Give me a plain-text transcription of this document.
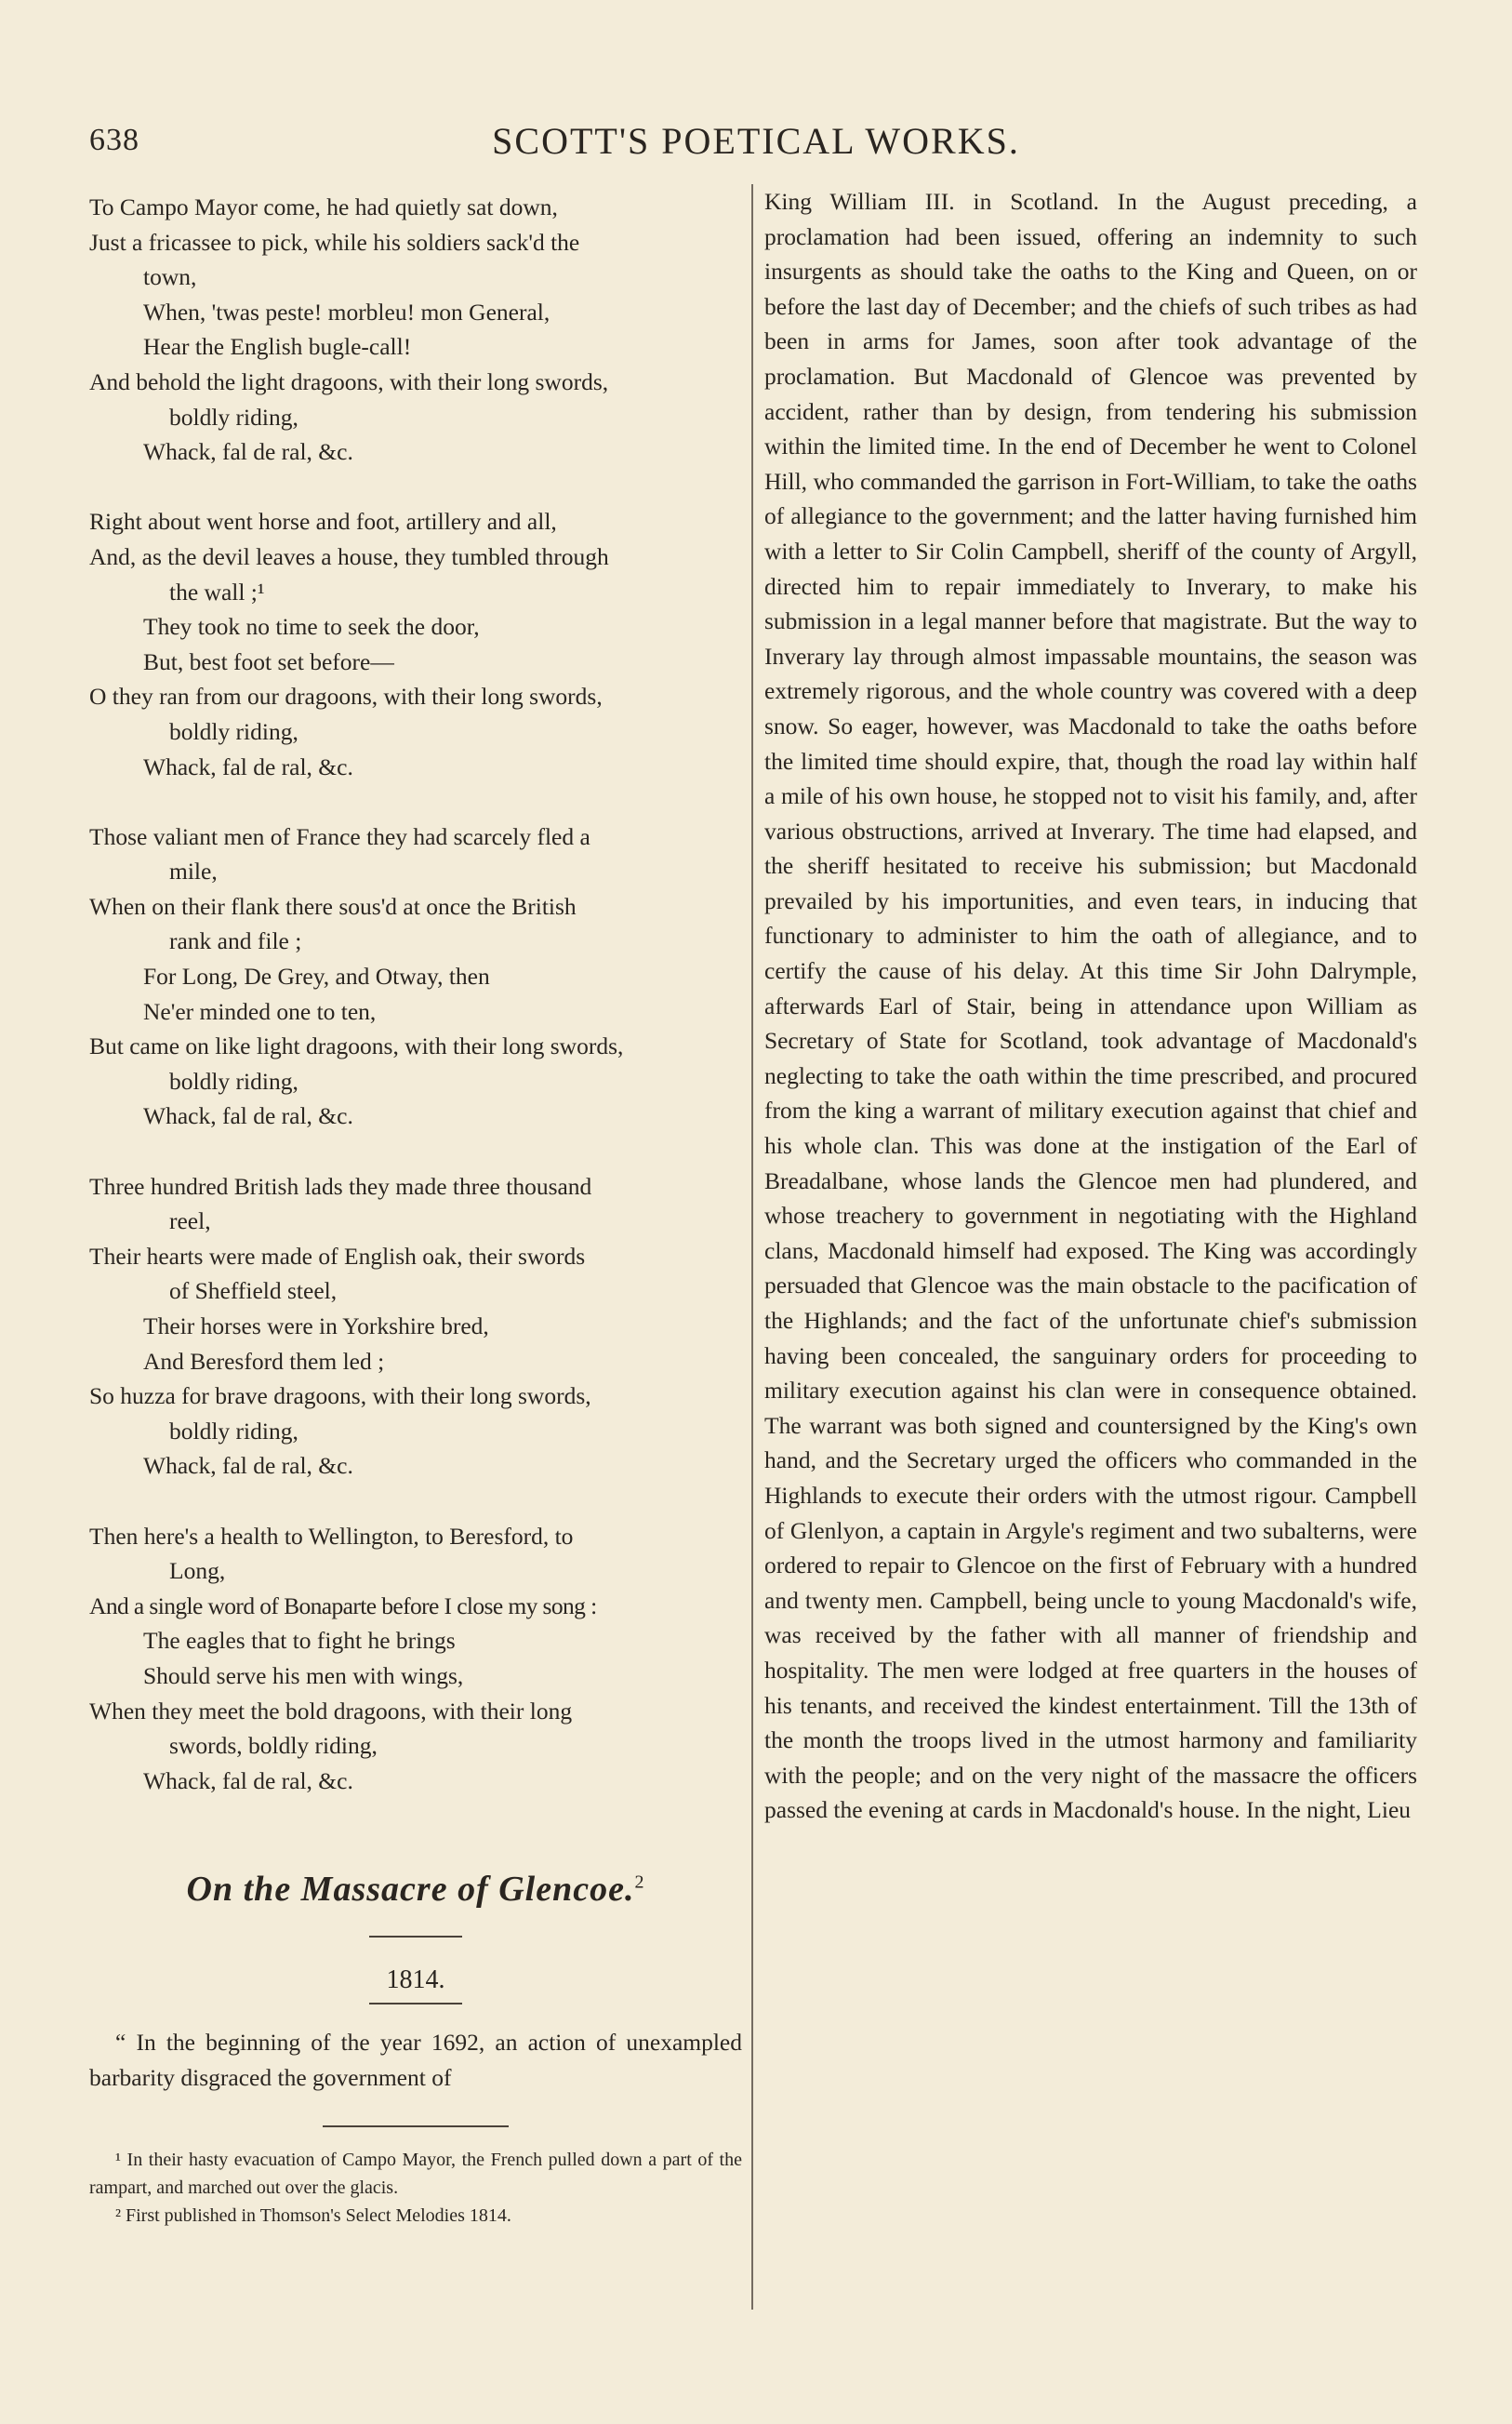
638	SCOTT'S POETICAL WORKS.
To Campo Mayor come, he had quietly sat down,
Just a fricassee to pick, while his soldiers sack'd the
town,
When, 'twas peste! morbleu! mon General,
Hear the English bugle-call!
And behold the light dragoons, with their long swords,
boldly riding,
Whack, fal de ral, &c.
Right about went horse and foot, artillery and all,
And, as the devil leaves a house, they tumbled through
the wall ;¹
They took no time to seek the door,
But, best foot set before—
O they ran from our dragoons, with their long swords,
boldly riding,
Whack, fal de ral, &c.
Those valiant men of France they had scarcely fled a
mile,
When on their flank there sous'd at once the British
rank and file ;
For Long, De Grey, and Otway, then
Ne'er minded one to ten,
But came on like light dragoons, with their long swords,
boldly riding,
Whack, fal de ral, &c.
Three hundred British lads they made three thousand
reel,
Their hearts were made of English oak, their swords
of Sheffield steel,
Their horses were in Yorkshire bred,
And Beresford them led ;
So huzza for brave dragoons, with their long swords,
boldly riding,
Whack, fal de ral, &c.
Then here's a health to Wellington, to Beresford, to
Long,
And a single word of Bonaparte before I close my song :
The eagles that to fight he brings
Should serve his men with wings,
When they meet the bold dragoons, with their long
swords, boldly riding,
Whack, fal de ral, &c.
On the Massacre of Glencoe.$^2$
1814.

“ In the beginning of the year 1692, an action of unexampled barbarity disgraced the government of

¹ In their hasty evacuation of Campo Mayor, the French pulled down a part of the rampart, and marched out over the glacis.

² First published in Thomson's Select Melodies 1814.

King William III. in Scotland. In the August preceding, a proclamation had been issued, offering an indemnity to such insurgents as should take the oaths to the King and Queen, on or before the last day of December; and the chiefs of such tribes as had been in arms for James, soon after took advantage of the proclamation. But Macdonald of Glencoe was prevented by accident, rather than by design, from tendering his submission within the limited time. In the end of December he went to Colonel Hill, who commanded the garrison in Fort-William, to take the oaths of allegiance to the government; and the latter having furnished him with a letter to Sir Colin Campbell, sheriff of the county of Argyll, directed him to repair immediately to Inverary, to make his submission in a legal manner before that magistrate. But the way to Inverary lay through almost impassable mountains, the season was extremely rigorous, and the whole country was covered with a deep snow. So eager, however, was Macdonald to take the oaths before the limited time should expire, that, though the road lay within half a mile of his own house, he stopped not to visit his family, and, after various obstructions, arrived at Inverary. The time had elapsed, and the sheriff hesitated to receive his submission; but Macdonald prevailed by his importunities, and even tears, in inducing that functionary to administer to him the oath of allegiance, and to certify the cause of his delay. At this time Sir John Dalrymple, afterwards Earl of Stair, being in attendance upon William as Secretary of State for Scotland, took advantage of Macdonald's neglecting to take the oath within the time prescribed, and procured from the king a warrant of military execution against that chief and his whole clan. This was done at the instigation of the Earl of Breadalbane, whose lands the Glencoe men had plundered, and whose treachery to government in negotiating with the Highland clans, Macdonald himself had exposed. The King was accordingly persuaded that Glencoe was the main obstacle to the pacification of the Highlands; and the fact of the unfortunate chief's submission having been concealed, the sanguinary orders for proceeding to military execution against his clan were in consequence obtained. The warrant was both signed and countersigned by the King's own hand, and the Secretary urged the officers who commanded in the Highlands to execute their orders with the utmost rigour. Campbell of Glenlyon, a captain in Argyle's regiment and two subalterns, were ordered to repair to Glencoe on the first of February with a hundred and twenty men. Campbell, being uncle to young Macdonald's wife, was received by the father with all manner of friendship and hospitality. The men were lodged at free quarters in the houses of his tenants, and received the kindest entertainment. Till the 13th of the month the troops lived in the utmost harmony and familiarity with the people; and on the very night of the massacre the officers passed the evening at cards in Macdonald's house. In the night, Lieu
